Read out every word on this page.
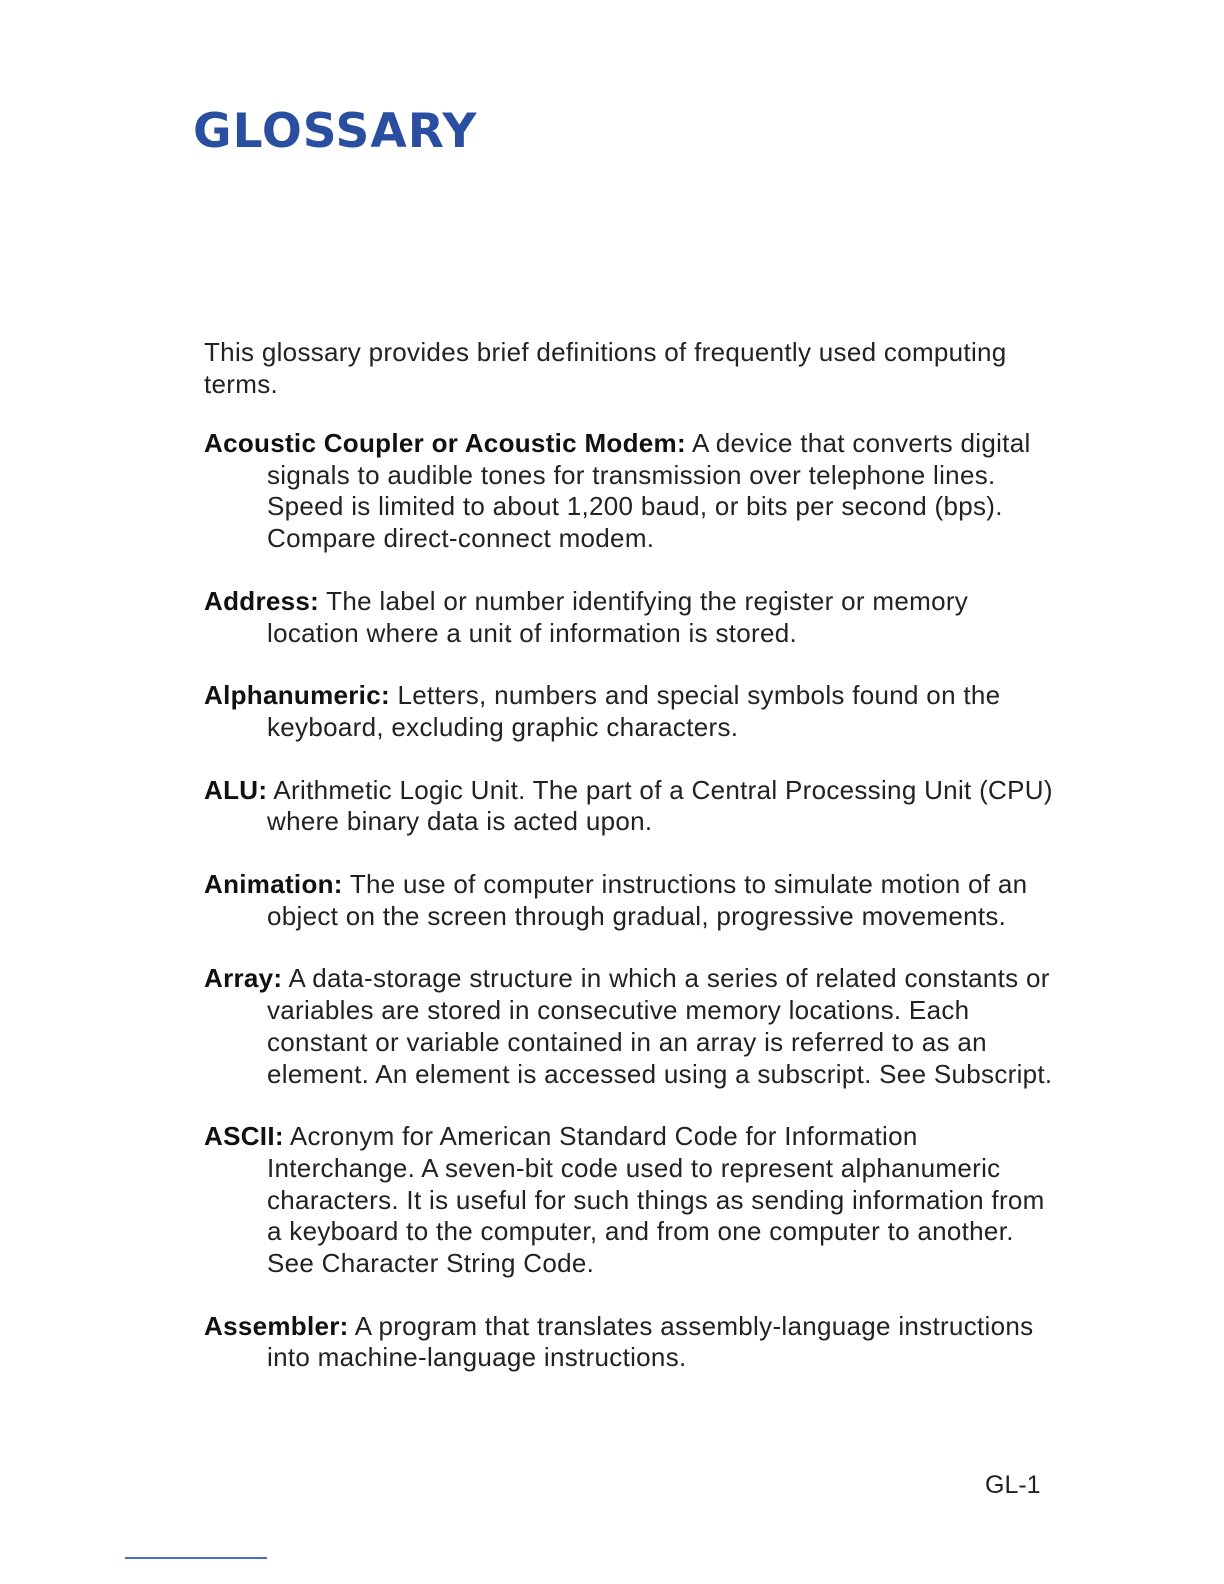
GLOSSARY

This glossary provides brief definitions of frequently used computing terms.

Acoustic Coupler or Acoustic Modem: A device that converts digital signals to audible tones for transmission over telephone lines. Speed is limited to about 1,200 baud, or bits per second (bps). Compare direct-connect modem.

Address: The label or number identifying the register or memory location where a unit of information is stored.

Alphanumeric: Letters, numbers and special symbols found on the keyboard, excluding graphic characters.

ALU: Arithmetic Logic Unit. The part of a Central Processing Unit (CPU) where binary data is acted upon.

Animation: The use of computer instructions to simulate motion of an object on the screen through gradual, progressive movements.

Array: A data-storage structure in which a series of related constants or variables are stored in consecutive memory locations. Each constant or variable contained in an array is referred to as an element. An element is accessed using a subscript. See Subscript.

ASCII: Acronym for American Standard Code for Information Interchange. A seven-bit code used to represent alphanumeric characters. It is useful for such things as sending information from a keyboard to the computer, and from one computer to another. See Character String Code.

Assembler: A program that translates assembly-language instructions into machine-language instructions.

GL-1
